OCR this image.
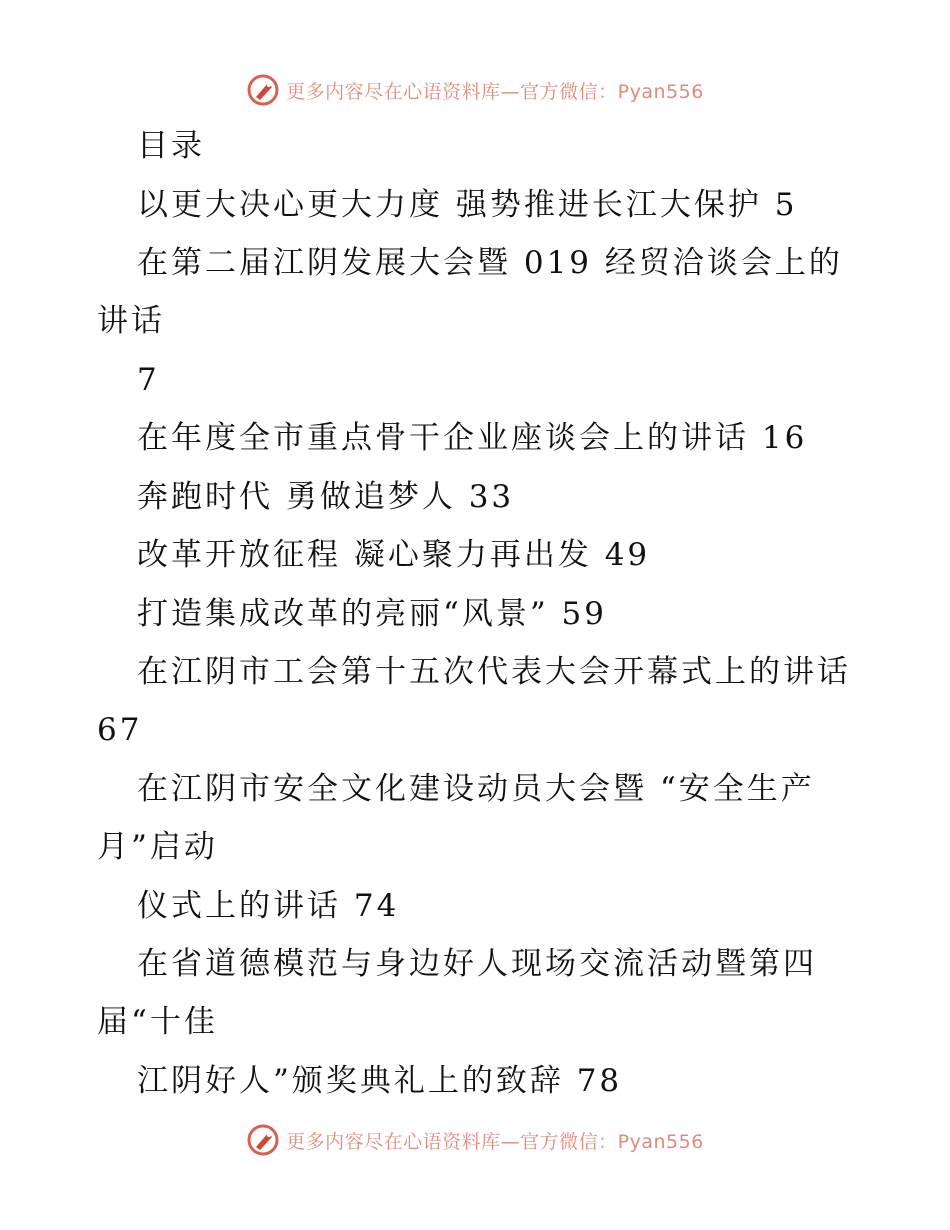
更多内容尽在心语资料库—官方微信：Pyan556
目录
以更大决心更大力度 强势推进长江大保护 5
在第二届江阴发展大会暨 019 经贸洽谈会上的
讲话
7
在年度全市重点骨干企业座谈会上的讲话 16
奔跑时代 勇做追梦人 33
改革开放征程 凝心聚力再出发 49
打造集成改革的亮丽“风景” 59
在江阴市工会第十五次代表大会开幕式上的讲话
67
在江阴市安全文化建设动员大会暨 “安全生产
月”启动
仪式上的讲话 74
在省道德模范与身边好人现场交流活动暨第四
届“十佳
江阴好人”颁奖典礼上的致辞 78
更多内容尽在心语资料库—官方微信：Pyan556
